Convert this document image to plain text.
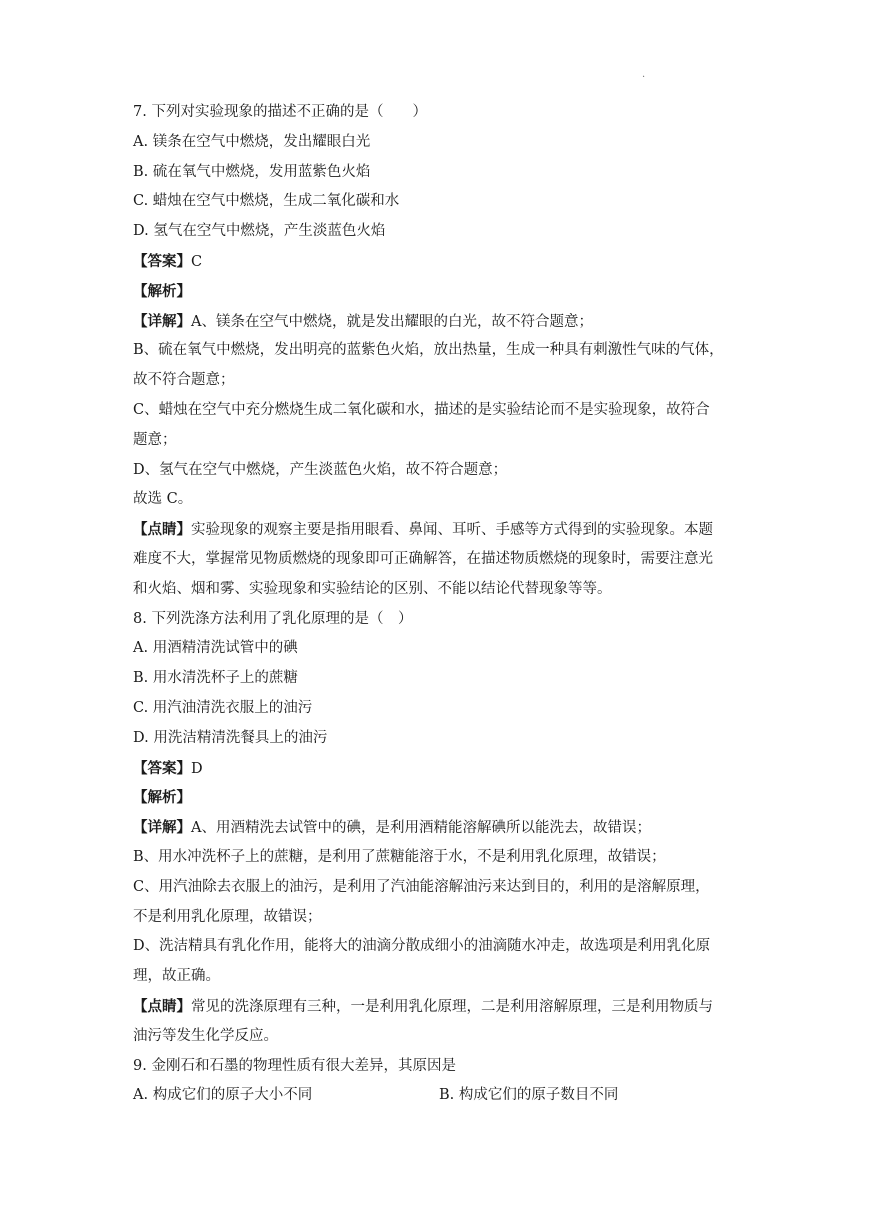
·
7. 下列对实验现象的描述不正确的是（　　）
A. 镁条在空气中燃烧，发出耀眼白光
B. 硫在氧气中燃烧，发用蓝紫色火焰
C. 蜡烛在空气中燃烧，生成二氧化碳和水
D. 氢气在空气中燃烧，产生淡蓝色火焰
【答案】C
【解析】
【详解】A、镁条在空气中燃烧，就是发出耀眼的白光，故不符合题意；
B、硫在氧气中燃烧，发出明亮的蓝紫色火焰，放出热量，生成一种具有刺激性气味的气体，
故不符合题意；
C、蜡烛在空气中充分燃烧生成二氧化碳和水，描述的是实验结论而不是实验现象，故符合
题意；
D、氢气在空气中燃烧，产生淡蓝色火焰，故不符合题意；
故选 C。
【点睛】实验现象的观察主要是指用眼看、鼻闻、耳听、手感等方式得到的实验现象。本题
难度不大，掌握常见物质燃烧的现象即可正确解答，在描述物质燃烧的现象时，需要注意光
和火焰、烟和雾、实验现象和实验结论的区别、不能以结论代替现象等等。
8. 下列洗涤方法利用了乳化原理的是（　）
A. 用酒精清洗试管中的碘
B. 用水清洗杯子上的蔗糖
C. 用汽油清洗衣服上的油污
D. 用洗洁精清洗餐具上的油污
【答案】D
【解析】
【详解】A、用酒精洗去试管中的碘，是利用酒精能溶解碘所以能洗去，故错误；
B、用水冲洗杯子上的蔗糖，是利用了蔗糖能溶于水，不是利用乳化原理，故错误；
C、用汽油除去衣服上的油污，是利用了汽油能溶解油污来达到目的，利用的是溶解原理，
不是利用乳化原理，故错误；
D、洗洁精具有乳化作用，能将大的油滴分散成细小的油滴随水冲走，故选项是利用乳化原
理，故正确。
【点睛】常见的洗涤原理有三种，一是利用乳化原理，二是利用溶解原理，三是利用物质与
油污等发生化学反应。
9. 金刚石和石墨的物理性质有很大差异，其原因是
A. 构成它们的原子大小不同	B. 构成它们的原子数目不同
